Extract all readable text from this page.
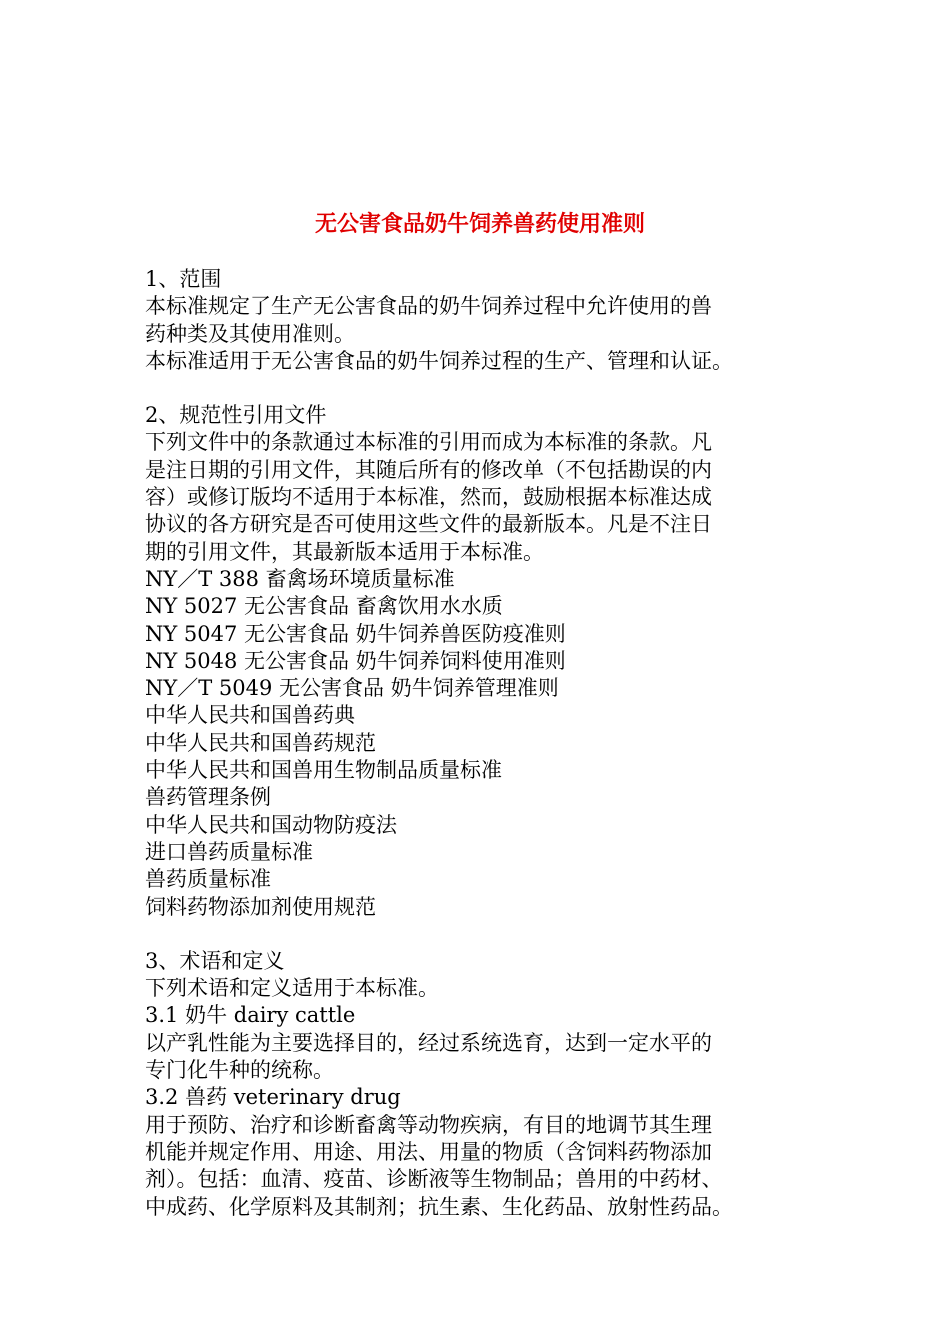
无公害食品奶牛饲养兽药使用准则
1、范围
本标准规定了生产无公害食品的奶牛饲养过程中允许使用的兽
药种类及其使用准则。
本标准适用于无公害食品的奶牛饲养过程的生产、管理和认证。
2、规范性引用文件
下列文件中的条款通过本标准的引用而成为本标准的条款。凡
是注日期的引用文件，其随后所有的修改单（不包括勘误的内
容）或修订版均不适用于本标准，然而，鼓励根据本标准达成
协议的各方研究是否可使用这些文件的最新版本。凡是不注日
期的引用文件，其最新版本适用于本标准。
NY／T 388 畜禽场环境质量标准
NY 5027 无公害食品 畜禽饮用水水质
NY 5047 无公害食品 奶牛饲养兽医防疫准则
NY 5048 无公害食品 奶牛饲养饲料使用准则
NY／T 5049 无公害食品 奶牛饲养管理准则
中华人民共和国兽药典
中华人民共和国兽药规范
中华人民共和国兽用生物制品质量标准
兽药管理条例
中华人民共和国动物防疫法
进口兽药质量标准
兽药质量标准
饲料药物添加剂使用规范
3、术语和定义
下列术语和定义适用于本标准。
3.1 奶牛 dairy cattle
以产乳性能为主要选择目的，经过系统选育，达到一定水平的
专门化牛种的统称。
3.2 兽药 veterinary drug
用于预防、治疗和诊断畜禽等动物疾病，有目的地调节其生理
机能并规定作用、用途、用法、用量的物质（含饲料药物添加
剂）。包括：血清、疫苗、诊断液等生物制品；兽用的中药材、
中成药、化学原料及其制剂；抗生素、生化药品、放射性药品。
